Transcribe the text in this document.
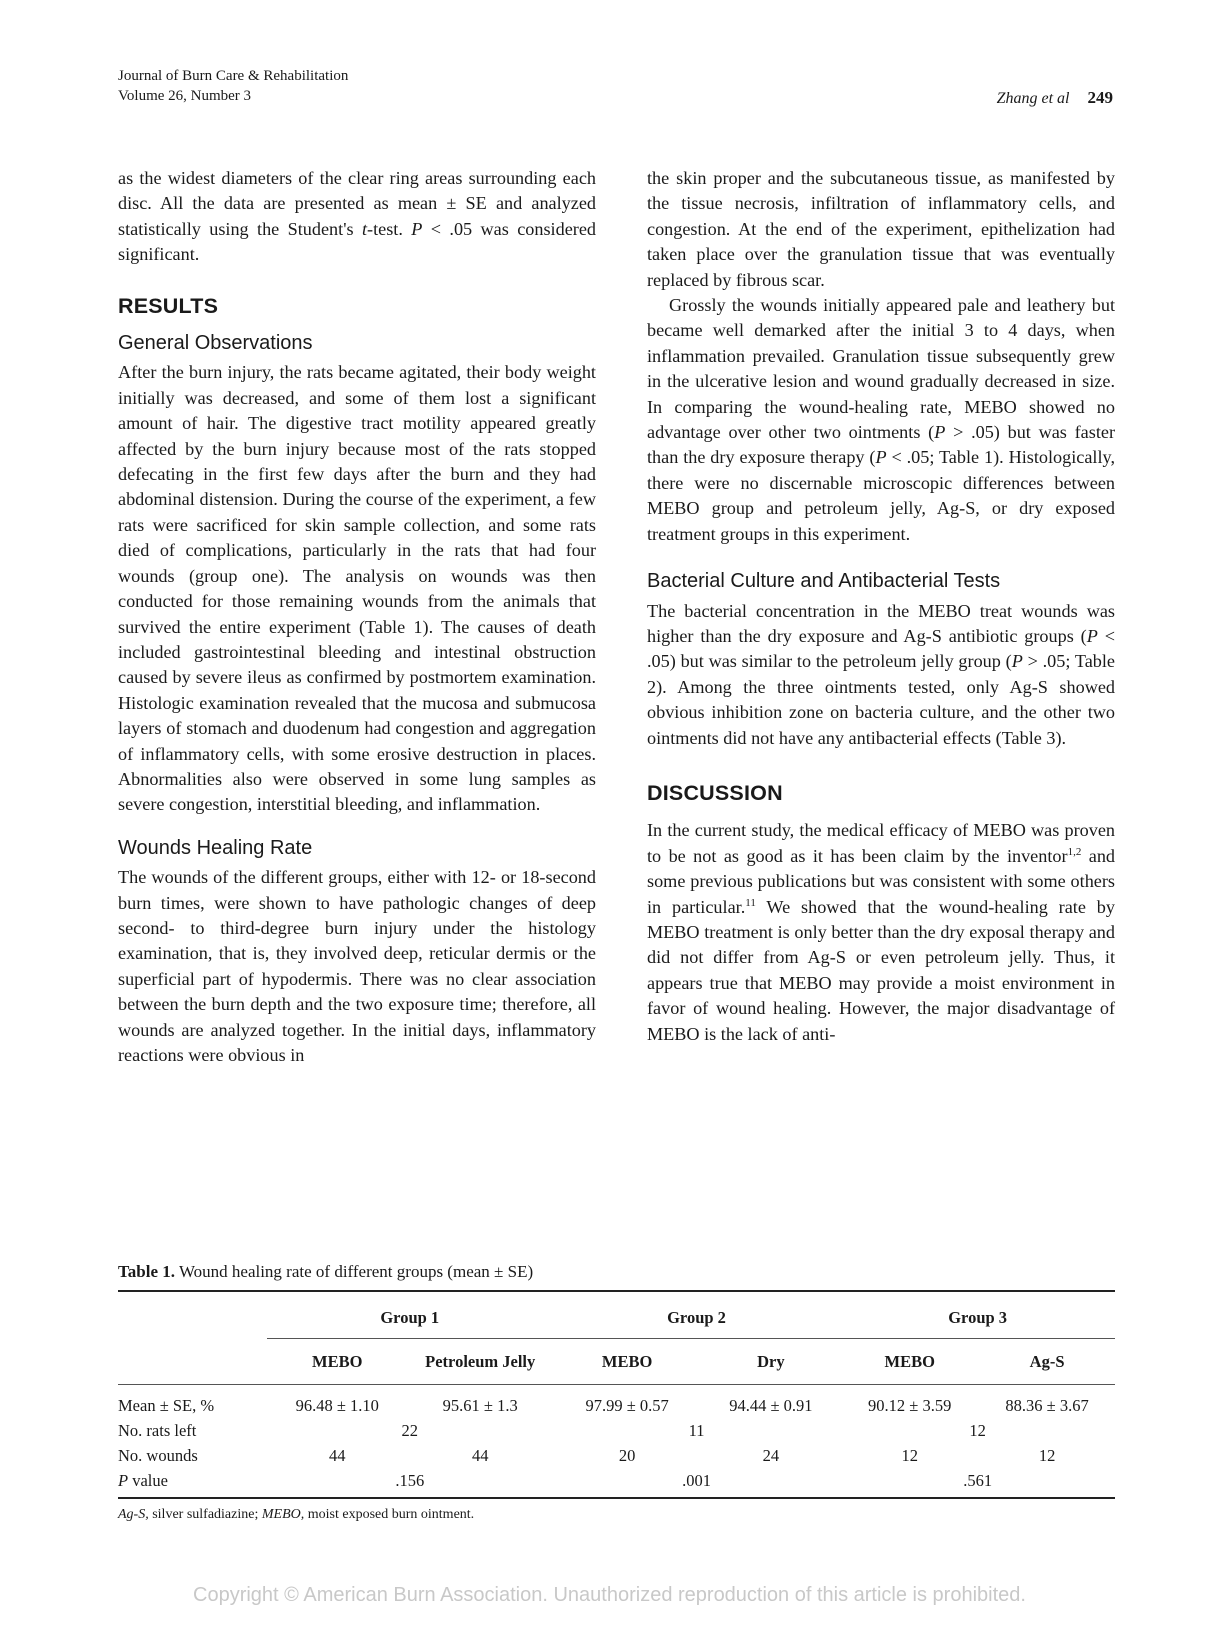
Journal of Burn Care & Rehabilitation
Volume 26, Number 3	Zhang et al 249

as the widest diameters of the clear ring areas surrounding each disc. All the data are presented as mean ± SE and analyzed statistically using the Student's t-test. P < .05 was considered significant.

RESULTS
General Observations

After the burn injury, the rats became agitated, their body weight initially was decreased, and some of them lost a significant amount of hair. The digestive tract motility appeared greatly affected by the burn injury because most of the rats stopped defecating in the first few days after the burn and they had abdominal distension. During the course of the experiment, a few rats were sacrificed for skin sample collection, and some rats died of complications, particularly in the rats that had four wounds (group one). The analysis on wounds was then conducted for those remaining wounds from the animals that survived the entire experiment (Table 1). The causes of death included gastrointestinal bleeding and intestinal obstruction caused by severe ileus as confirmed by postmortem examination. Histologic examination revealed that the mucosa and submucosa layers of stomach and duodenum had congestion and aggregation of inflammatory cells, with some erosive destruction in places. Abnormalities also were observed in some lung samples as severe congestion, interstitial bleeding, and inflammation.

Wounds Healing Rate

The wounds of the different groups, either with 12- or 18-second burn times, were shown to have pathologic changes of deep second- to third-degree burn injury under the histology examination, that is, they involved deep, reticular dermis or the superficial part of hypodermis. There was no clear association between the burn depth and the two exposure time; therefore, all wounds are analyzed together. In the initial days, inflammatory reactions were obvious in

the skin proper and the subcutaneous tissue, as manifested by the tissue necrosis, infiltration of inflammatory cells, and congestion. At the end of the experiment, epithelization had taken place over the granulation tissue that was eventually replaced by fibrous scar.

Grossly the wounds initially appeared pale and leathery but became well demarked after the initial 3 to 4 days, when inflammation prevailed. Granulation tissue subsequently grew in the ulcerative lesion and wound gradually decreased in size. In comparing the wound-healing rate, MEBO showed no advantage over other two ointments (P > .05) but was faster than the dry exposure therapy (P < .05; Table 1). Histologically, there were no discernable microscopic differences between MEBO group and petroleum jelly, Ag-S, or dry exposed treatment groups in this experiment.

Bacterial Culture and Antibacterial Tests

The bacterial concentration in the MEBO treat wounds was higher than the dry exposure and Ag-S antibiotic groups (P < .05) but was similar to the petroleum jelly group (P > .05; Table 2). Among the three ointments tested, only Ag-S showed obvious inhibition zone on bacteria culture, and the other two ointments did not have any antibacterial effects (Table 3).

DISCUSSION

In the current study, the medical efficacy of MEBO was proven to be not as good as it has been claim by the inventor$^{1,2}$ and some previous publications but was consistent with some others in particular.$^{11}$ We showed that the wound-healing rate by MEBO treatment is only better than the dry exposal therapy and did not differ from Ag-S or even petroleum jelly. Thus, it appears true that MEBO may provide a moist environment in favor of wound healing. However, the major disadvantage of MEBO is the lack of anti-

Table 1. Wound healing rate of different groups (mean ± SE)

	Group 1		Group 2		Group 3	
	MEBO	Petroleum Jelly	MEBO	Dry	MEBO	Ag-S

Mean ± SE, %	96.48 ± 1.10	95.61 ± 1.3	97.99 ± 0.57	94.44 ± 0.91	90.12 ± 3.59	88.36 ± 3.67
No. rats left	22		11		12	
No. wounds	44	44	20	24	12	12
P value	.156		.001		.561	

Ag-S, silver sulfadiazine; MEBO, moist exposed burn ointment.
Copyright © American Burn Association. Unauthorized reproduction of this article is prohibited.
